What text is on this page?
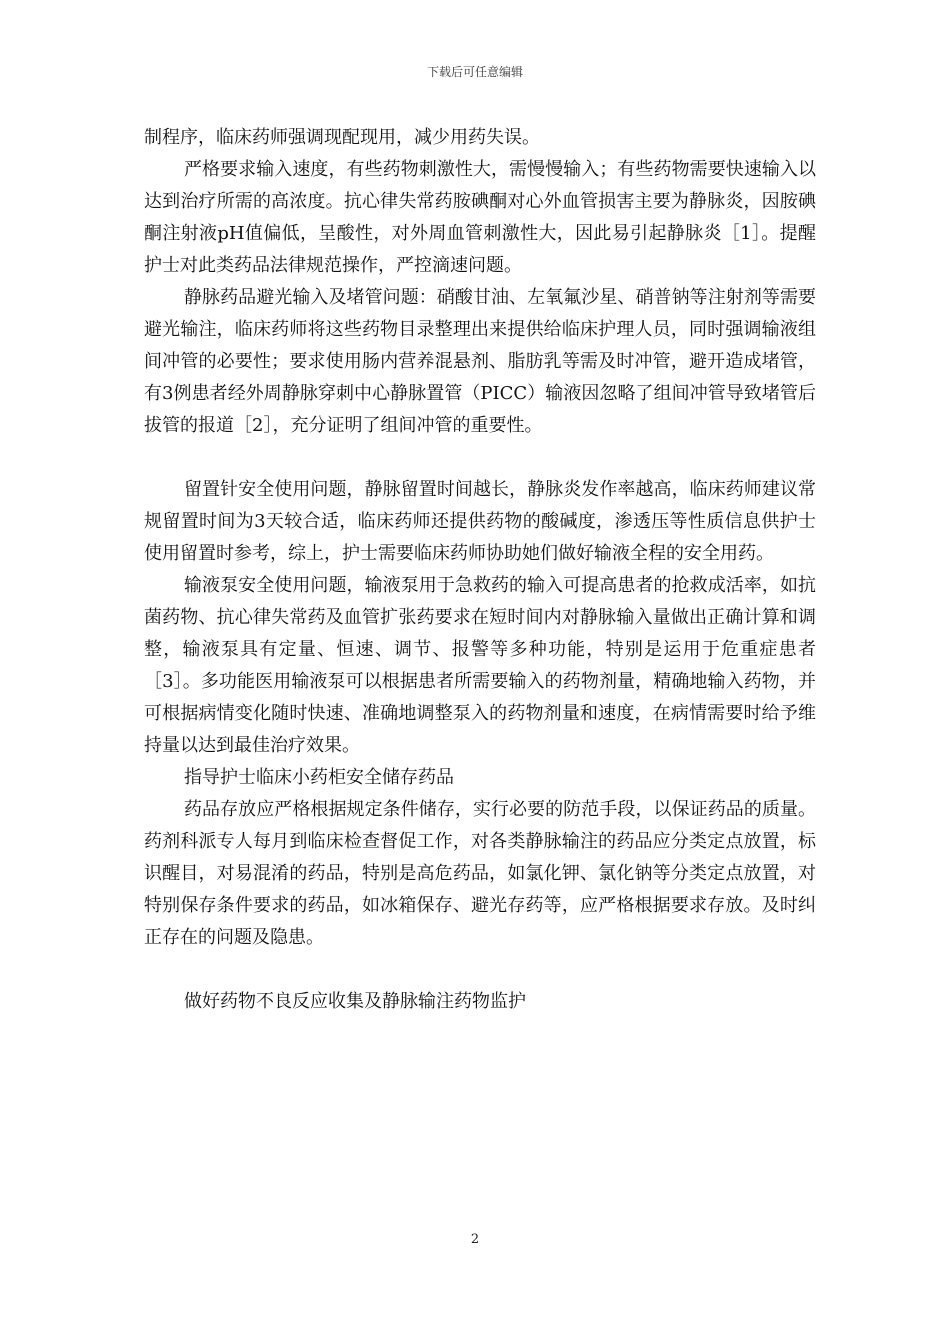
下载后可任意编辑

制程序，临床药师强调现配现用，减少用药失误。

严格要求输入速度，有些药物刺激性大，需慢慢输入；有些药物需要快速输入以达到治疗所需的高浓度。抗心律失常药胺碘酮对心外血管损害主要为静脉炎，因胺碘酮注射液pH值偏低，呈酸性，对外周血管刺激性大，因此易引起静脉炎［1］。提醒护士对此类药品法律规范操作，严控滴速问题。

静脉药品避光输入及堵管问题：硝酸甘油、左氧氟沙星、硝普钠等注射剂等需要避光输注，临床药师将这些药物目录整理出来提供给临床护理人员，同时强调输液组间冲管的必要性；要求使用肠内营养混悬剂、脂肪乳等需及时冲管，避开造成堵管，有3例患者经外周静脉穿刺中心静脉置管（PICC）输液因忽略了组间冲管导致堵管后拔管的报道［2］，充分证明了组间冲管的重要性。

留置针安全使用问题，静脉留置时间越长，静脉炎发作率越高，临床药师建议常规留置时间为3天较合适，临床药师还提供药物的酸碱度，渗透压等性质信息供护士使用留置时参考，综上，护士需要临床药师协助她们做好输液全程的安全用药。

输液泵安全使用问题，输液泵用于急救药的输入可提高患者的抢救成活率，如抗菌药物、抗心律失常药及血管扩张药要求在短时间内对静脉输入量做出正确计算和调整，输液泵具有定量、恒速、调节、报警等多种功能，特别是运用于危重症患者［3］。多功能医用输液泵可以根据患者所需要输入的药物剂量，精确地输入药物，并可根据病情变化随时快速、准确地调整泵入的药物剂量和速度，在病情需要时给予维持量以达到最佳治疗效果。

指导护士临床小药柜安全储存药品

药品存放应严格根据规定条件储存，实行必要的防范手段，以保证药品的质量。药剂科派专人每月到临床检查督促工作，对各类静脉输注的药品应分类定点放置，标识醒目，对易混淆的药品，特别是高危药品，如氯化钾、氯化钠等分类定点放置，对特别保存条件要求的药品，如冰箱保存、避光存药等，应严格根据要求存放。及时纠正存在的问题及隐患。

做好药物不良反应收集及静脉输注药物监护

2
